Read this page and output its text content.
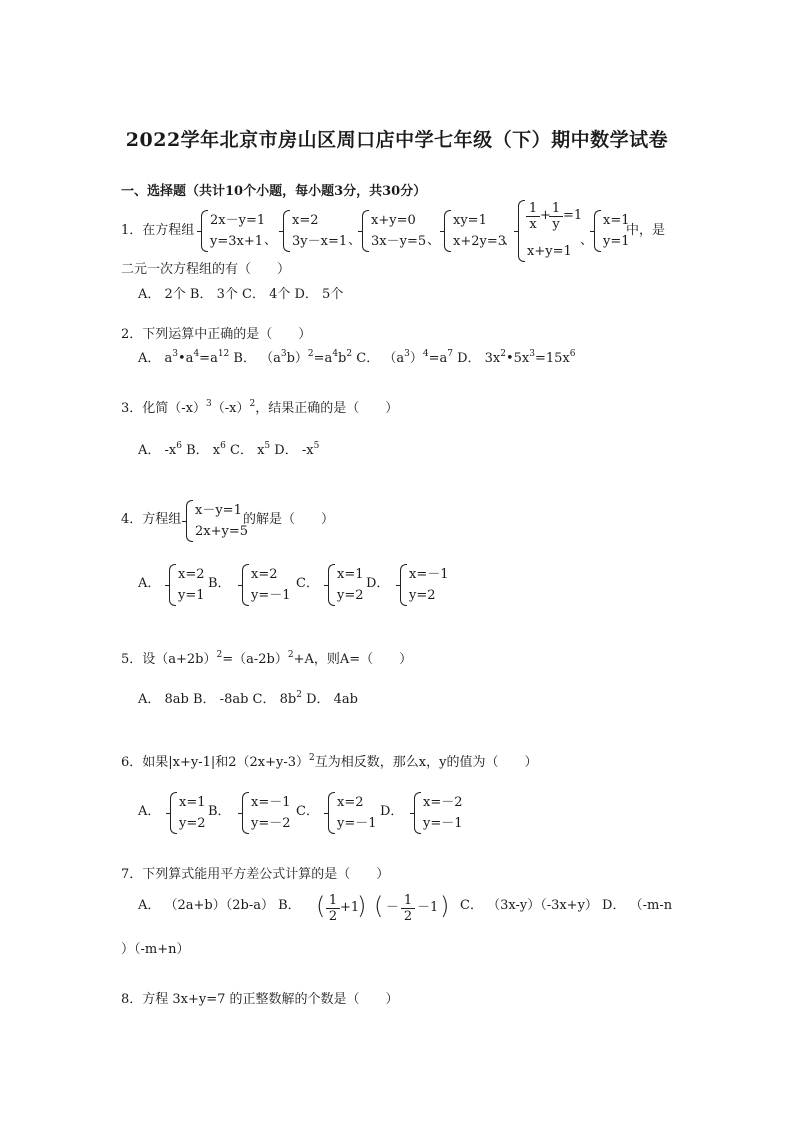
2022学年北京市房山区周口店中学七年级（下）期中数学试卷
一、选择题（共计10个小题，每小题3分，共30分）
1．在方程组
2x－y=1
y=3x+1 、
x=2
3y－x=1 、
x+y=0
3x－y=5 、
xy=1
x+2y=3
、
$\frac{1}{x}$ +
$\frac{1}{y} =1$
x+y=1
、
x=1
y=1
中，是
二元一次方程组的有（　　）
A． 2个 B． 3个 C． 4个 D． 5个
2．下列运算中正确的是（　　）
A． $a^3•a^4=a^{12}$ B． $(a^3b)^2=a^4b^2$ C． $(a^3)^4=a^7$ D． $3x^2•5x^3=15x^6$
3．化简$(-x)^3(-x)^2$，结果正确的是（　　）
A． $-x^6$ B． $x^6$ C． $x^5$ D． $-x^5$
4．方程组
x－y=1
2x+y=5
的解是（　　）
A．
x=2
y=1
B．
x=2
y=－1
C．
x=1
y=2
D．
x=－1
y=2
5．设$(a+2b)^2=(a-2b)^2+A$，则A=（　　）
A． 8ab B． -8ab C． $8b^2$ D． 4ab
6．如果|x+y-1|和$2(2x+y-3)^2$互为相反数，那么x，y的值为（　　）
A．
x=1
y=2
B．
x=－1
y=－2
C．
x=2
y=－1
D．
x=－2
y=－1
7．下列算式能用平方差公式计算的是（　　）
A． （2a+b）（2b-a） B． ( $\frac{1}{2} +1$
) ( － $\frac{1}{2} -1$ ) C． （3x-y）（-3x+y） D． （-m-n
）（-m+n）
8．方程 3x+y=7 的正整数解的个数是（　　）
